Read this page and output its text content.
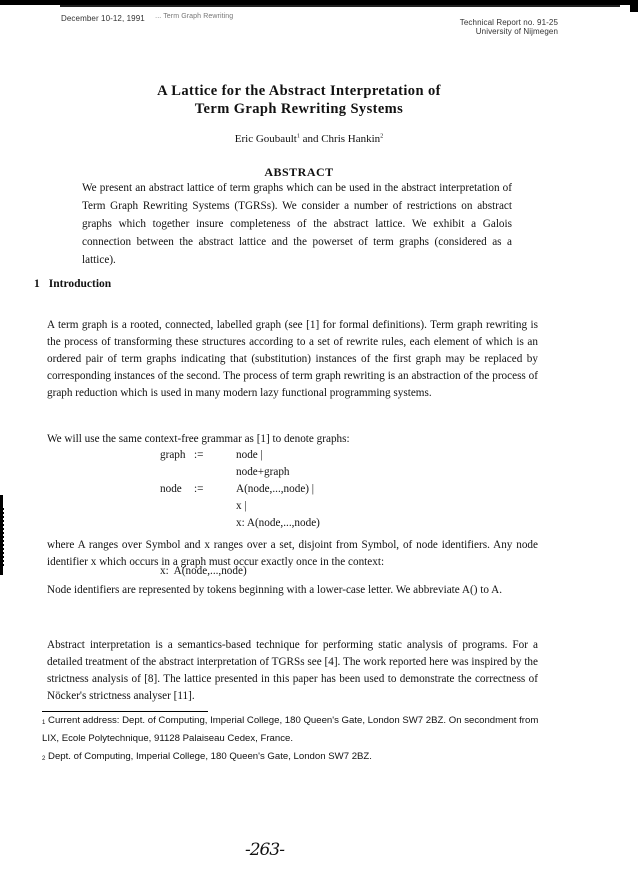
December 10-12, 1991 ... Term Graph Rewriting
Technical Report no. 91-25
University of Nijmegen
A Lattice for the Abstract Interpretation of
Term Graph Rewriting Systems
Eric Goubault$^1$ and Chris Hankin$^2$
ABSTRACT
We present an abstract lattice of term graphs which can be used in the abstract interpretation of Term Graph Rewriting Systems (TGRSs). We consider a number of restrictions on abstract graphs which together insure completeness of the abstract lattice. We exhibit a Galois connection between the abstract lattice and the powerset of term graphs (considered as a lattice).
1 Introduction
A term graph is a rooted, connected, labelled graph (see [1] for formal definitions). Term graph rewriting is the process of transforming these structures according to a set of rewrite rules, each element of which is an ordered pair of term graphs indicating that (substitution) instances of the first graph may be replaced by corresponding instances of the second. The process of term graph rewriting is an abstraction of the process of graph reduction which is used in many modern lazy functional programming systems.
We will use the same context-free grammar as [1] to denote graphs:
graph :=	node |
node+graph
node	:=	A(node,...,node) |
x |
x: A(node,...,node)
where A ranges over Symbol and x ranges over a set, disjoint from Symbol, of node identifiers. Any node identifier x which occurs in a graph must occur exactly once in the context:
x:  A(node,...,node)
Node identifiers are represented by tokens beginning with a lower-case letter. We abbreviate A() to A.
Abstract interpretation is a semantics-based technique for performing static analysis of programs. For a detailed treatment of the abstract interpretation of TGRSs see [4]. The work reported here was inspired by the strictness analysis of [8]. The lattice presented in this paper has been used to demonstrate the correctness of Nöcker's strictness analyser [11].
$^1$ Current address: Dept. of Computing, Imperial College, 180 Queen's Gate, London SW7 2BZ. On secondment from LIX, Ecole Polytechnique, 91128 Palaiseau Cedex, France.
$^2$ Dept. of Computing, Imperial College, 180 Queen's Gate, London SW7 2BZ.
-263-
